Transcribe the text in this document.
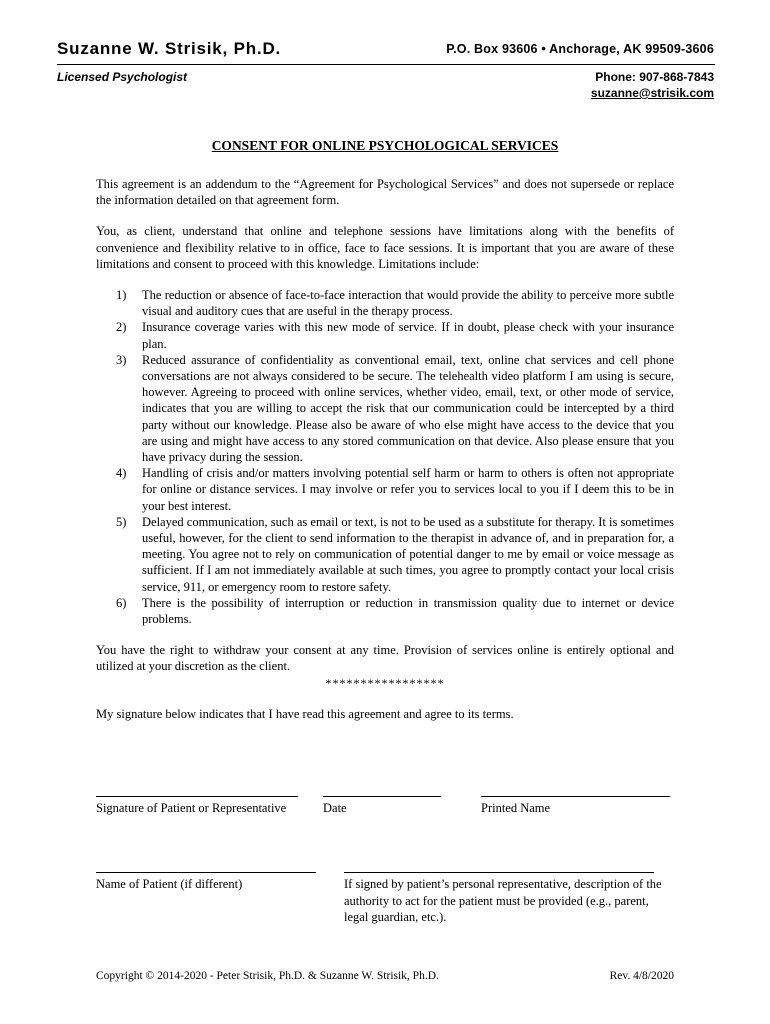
Suzanne W. Strisik, Ph.D.	P.O. Box 93606 • Anchorage, AK 99509-3606
Licensed Psychologist	Phone: 907-868-7843
suzanne@strisik.com
CONSENT FOR ONLINE PSYCHOLOGICAL SERVICES

This agreement is an addendum to the “Agreement for Psychological Services” and does not supersede or replace the information detailed on that agreement form.

You, as client, understand that online and telephone sessions have limitations along with the benefits of convenience and flexibility relative to in office, face to face sessions. It is important that you are aware of these limitations and consent to proceed with this knowledge. Limitations include:

1) The reduction or absence of face-to-face interaction that would provide the ability to perceive more subtle visual and auditory cues that are useful in the therapy process.
2) Insurance coverage varies with this new mode of service. If in doubt, please check with your insurance plan.
3) Reduced assurance of confidentiality as conventional email, text, online chat services and cell phone conversations are not always considered to be secure. The telehealth video platform I am using is secure, however. Agreeing to proceed with online services, whether video, email, text, or other mode of service, indicates that you are willing to accept the risk that our communication could be intercepted by a third party without our knowledge. Please also be aware of who else might have access to the device that you are using and might have access to any stored communication on that device. Also please ensure that you have privacy during the session.
4) Handling of crisis and/or matters involving potential self harm or harm to others is often not appropriate for online or distance services. I may involve or refer you to services local to you if I deem this to be in your best interest.
5) Delayed communication, such as email or text, is not to be used as a substitute for therapy. It is sometimes useful, however, for the client to send information to the therapist in advance of, and in preparation for, a meeting. You agree not to rely on communication of potential danger to me by email or voice message as sufficient. If I am not immediately available at such times, you agree to promptly contact your local crisis service, 911, or emergency room to restore safety.
6) There is the possibility of interruption or reduction in transmission quality due to internet or device problems.

You have the right to withdraw your consent at any time. Provision of services online is entirely optional and utilized at your discretion as the client.

*****************
My signature below indicates that I have read this agreement and agree to its terms.
Signature of Patient or Representative	Date	Printed Name
Name of Patient (if different)	If signed by patient’s personal representative, description of the authority to act for the patient must be provided (e.g., parent, legal guardian, etc.).
Copyright © 2014-2020 - Peter Strisik, Ph.D. & Suzanne W. Strisik, Ph.D.	Rev. 4/8/2020
